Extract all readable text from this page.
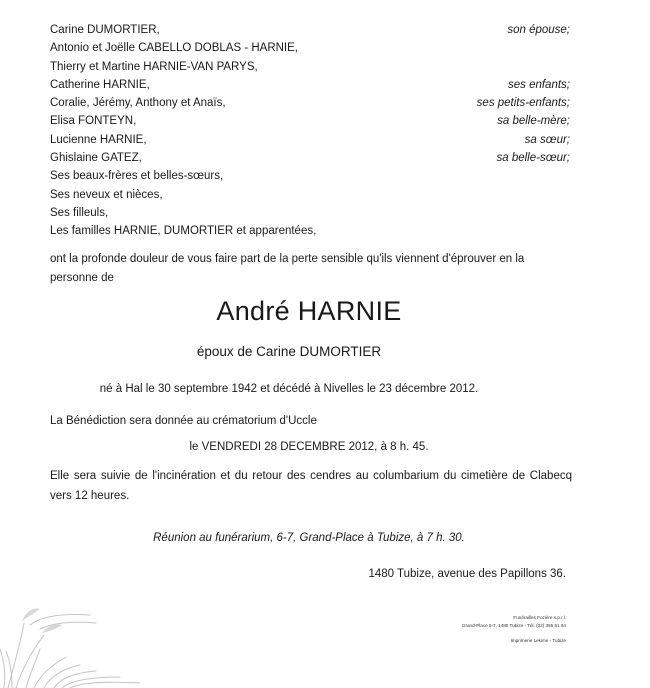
Carine DUMORTIER,	son épouse;
Antonio et Joëlle CABELLO DOBLAS - HARNIE,
Thierry et Martine HARNIE-VAN PARYS,
Catherine HARNIE,	ses enfants;
Coralie, Jérémy, Anthony et Anaïs,	ses petits-enfants;
Elisa FONTEYN,	sa belle-mère;
Lucienne HARNIE,	sa sœur;
Ghislaine GATEZ,	sa belle-sœur;
Ses beaux-frères et belles-sœurs,
Ses neveux et nièces,
Ses filleuls,
Les familles HARNIE, DUMORTIER et apparentées,
ont la profonde douleur de vous faire part de la perte sensible qu'ils viennent d'éprouver en la personne de
André HARNIE
époux de Carine DUMORTIER
né à Hal le 30 septembre 1942 et décédé à Nivelles le 23 décembre 2012.
La Bénédiction sera donnée au crématorium d'Uccle
le VENDREDI 28 DECEMBRE 2012, à 8 h. 45.
Elle sera suivie de l'incinération et du retour des cendres au columbarium du cimetière de Clabecq vers 12 heures.
Réunion au funérarium, 6-7, Grand-Place à Tubize, à 7 h. 30.
1480 Tubize, avenue des Papillons 36.
Funérailles Fozière s.p.r.l.
Grand-Place 6-7, 1480 Tubize - Tél. (02) 355 51 94
Imprimerie Lekime - Tubize
